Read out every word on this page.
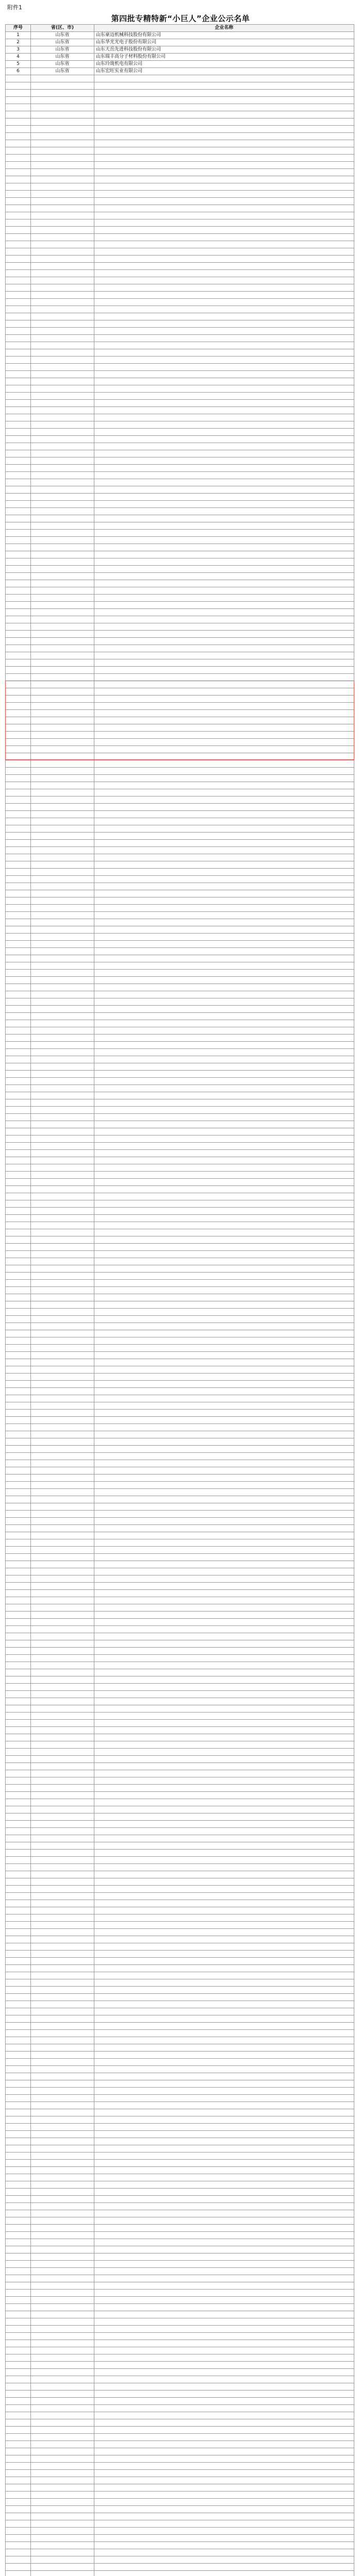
附件1
第四批专精特新“小巨人”企业公示名单
序号	省(区、市)	企业名称
1	山东省	山东豪迈机械科技股份有限公司
2	山东省	山东华光光电子股份有限公司
3	山东省	山东天岳先进科技股份有限公司
4	山东省	山东瑞丰高分子材料股份有限公司
5	山东省	山东玲珑机电有限公司
6	山东省	山东宏旺实业有限公司
